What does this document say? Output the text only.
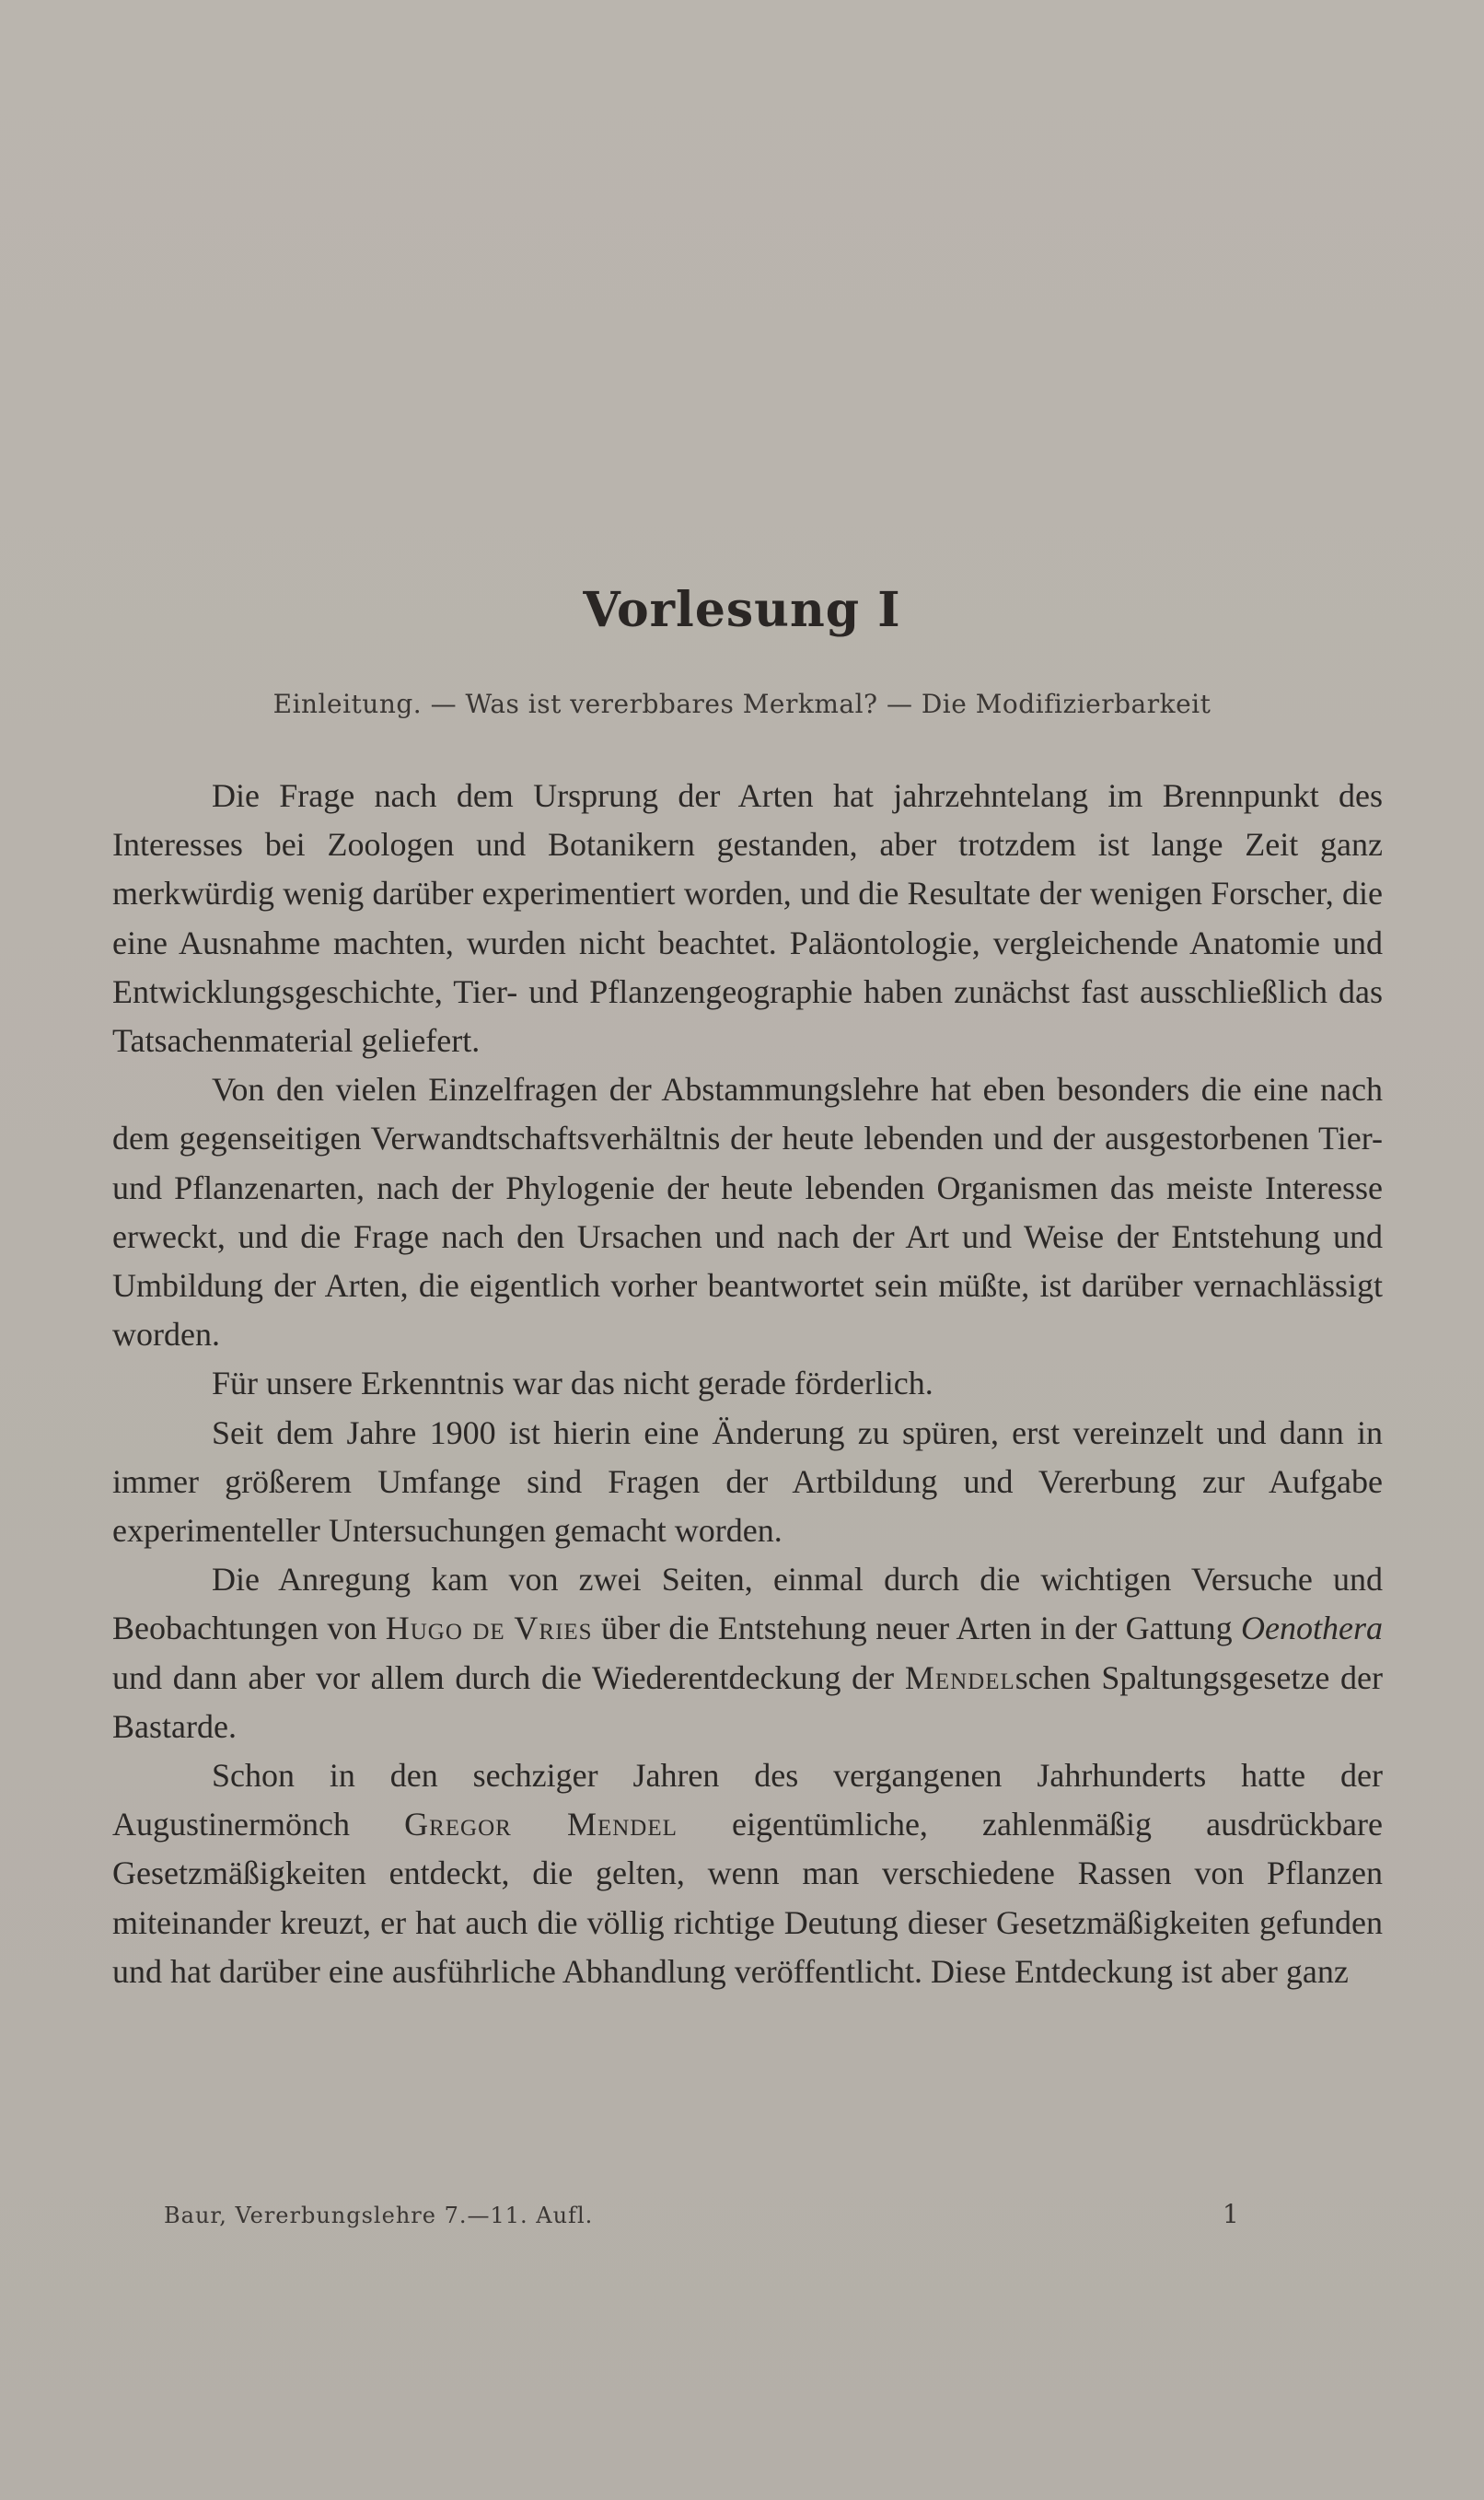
Vorlesung I
Einleitung. — Was ist vererbbares Merkmal? — Die Modifizierbarkeit

Die Frage nach dem Ursprung der Arten hat jahrzehntelang im Brennpunkt des Interesses bei Zoologen und Botanikern gestanden, aber trotzdem ist lange Zeit ganz merkwürdig wenig darüber experimentiert worden, und die Resultate der wenigen Forscher, die eine Ausnahme machten, wurden nicht beachtet. Paläontologie, vergleichende Anatomie und Entwicklungsgeschichte, Tier- und Pflanzengeographie haben zunächst fast ausschließlich das Tatsachenmaterial geliefert.

Von den vielen Einzelfragen der Abstammungslehre hat eben besonders die eine nach dem gegenseitigen Verwandtschaftsverhältnis der heute lebenden und der ausgestorbenen Tier- und Pflanzenarten, nach der Phylogenie der heute lebenden Organismen das meiste Interesse erweckt, und die Frage nach den Ursachen und nach der Art und Weise der Entstehung und Umbildung der Arten, die eigentlich vorher beantwortet sein müßte, ist darüber vernachlässigt worden.

Für unsere Erkenntnis war das nicht gerade förderlich.

Seit dem Jahre 1900 ist hierin eine Änderung zu spüren, erst vereinzelt und dann in immer größerem Umfange sind Fragen der Artbildung und Vererbung zur Aufgabe experimenteller Untersuchungen gemacht worden.

Die Anregung kam von zwei Seiten, einmal durch die wichtigen Versuche und Beobachtungen von Hugo de Vries über die Entstehung neuer Arten in der Gattung Oenothera und dann aber vor allem durch die Wiederentdeckung der Mendelschen Spaltungsgesetze der Bastarde.

Schon in den sechziger Jahren des vergangenen Jahrhunderts hatte der Augustinermönch Gregor Mendel eigentümliche, zahlenmäßig ausdrückbare Gesetzmäßigkeiten entdeckt, die gelten, wenn man verschiedene Rassen von Pflanzen miteinander kreuzt, er hat auch die völlig richtige Deutung dieser Gesetzmäßigkeiten gefunden und hat darüber eine ausführliche Abhandlung veröffentlicht. Diese Entdeckung ist aber ganz

Baur, Vererbungslehre 7.—11. Aufl.	1
